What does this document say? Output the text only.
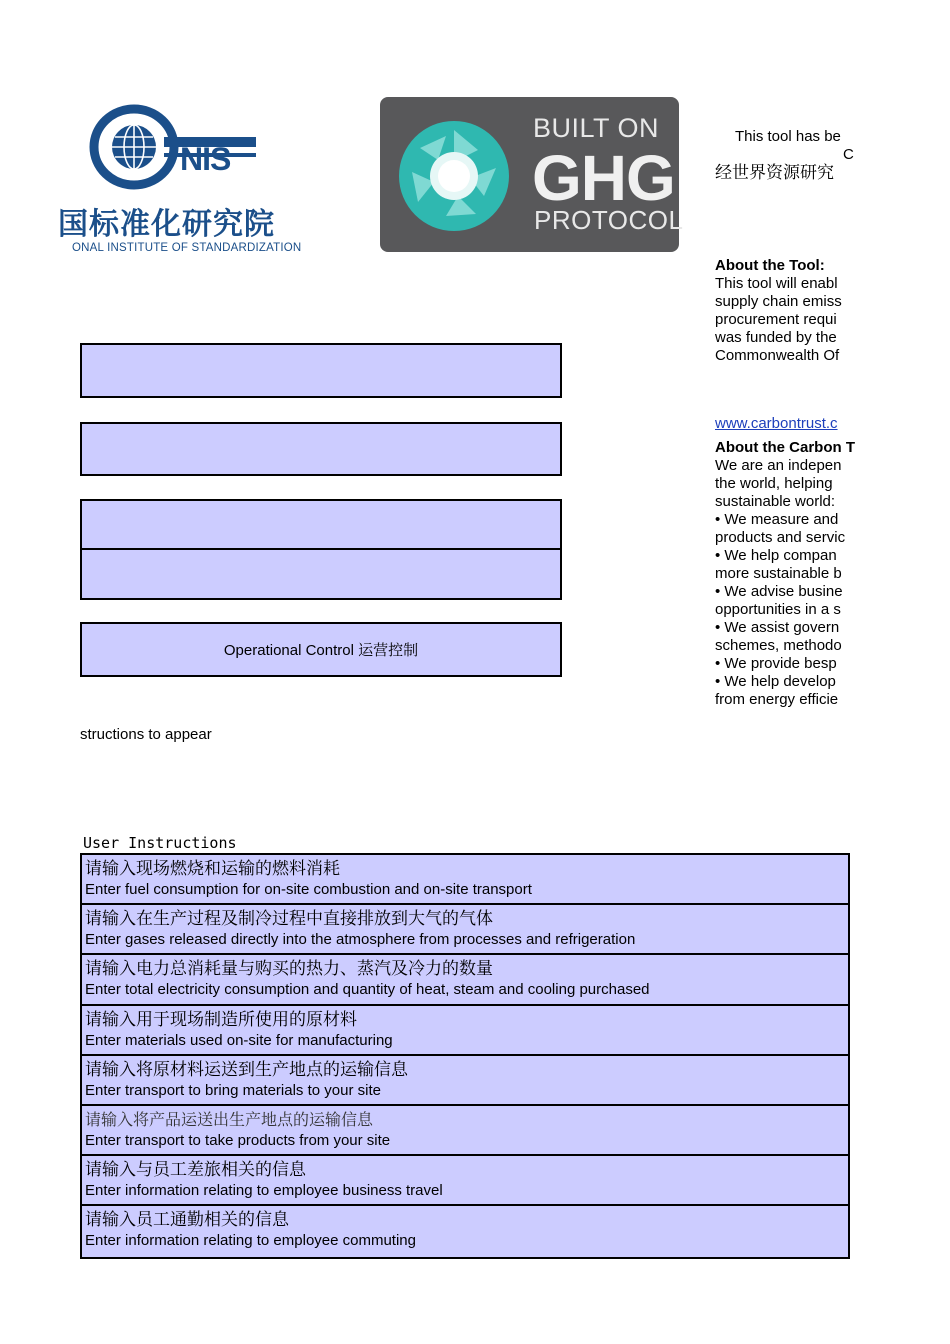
NIS
国标准化研究院
ONAL INSTITUTE OF STANDARDIZATION
BUILT ON
GHG
PROTOCOL
This tool has be
C
经世界资源研究
About the Tool:
This tool will enabl
supply chain emiss
procurement requi
was funded by the
Commonwealth Of
www.carbontrust.c
About the Carbon T
We are an indepen
the world, helping
sustainable world:
• We measure and
products and servic
• We help compan
more sustainable b
• We advise busine
opportunities in a s
• We assist govern
schemes, methodo
• We provide besp
• We help develop
from energy efficie
Operational Control 运营控制
structions to appear
User Instructions
请输入现场燃烧和运输的燃料消耗
Enter fuel consumption for on-site combustion and on-site transport
请输入在生产过程及制冷过程中直接排放到大气的气体
Enter gases released directly into the atmosphere from processes and refrigeration
请输入电力总消耗量与购买的热力、蒸汽及冷力的数量
Enter total electricity consumption and quantity of heat, steam and cooling purchased
请输入用于现场制造所使用的原材料
Enter materials used on-site for manufacturing
请输入将原材料运送到生产地点的运输信息
Enter transport to bring materials to your site
请输入将产品运送出生产地点的运输信息
Enter transport to take products from your site
请输入与员工差旅相关的信息
Enter information relating to employee business travel
请输入员工通勤相关的信息
Enter information relating to employee commuting
